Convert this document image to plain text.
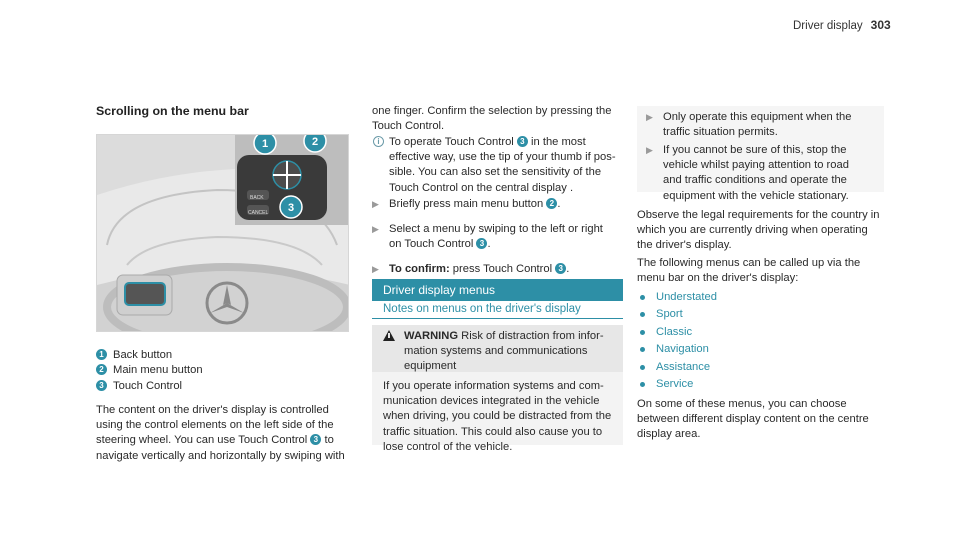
Driver display 303
Scrolling on the menu bar
1	2
3
BACK
CANCEL
1 Back button
2 Main menu button
3 Touch Control
The content on the driver's display is controlled
using the control elements on the left side of the
steering wheel. You can use Touch Control 3 to
navigate vertically and horizontally by swiping with
one finger. Confirm the selection by pressing the
Touch Control.
i To operate Touch Control 3 in the most
effective way, use the tip of your thumb if pos-
sible. You can also set the sensitivity of the
Touch Control on the central display .
▶ Briefly press main menu button 2 .
▶ Select a menu by swiping to the left or right
on Touch Control 3 .
▶ To confirm: press Touch Control 3 .
Driver display menus
Notes on menus on the driver's display
WARNING Risk of distraction from infor-
mation systems and communications
equipment
If you operate information systems and com-
munication devices integrated in the vehicle
when driving, you could be distracted from the
traffic situation. This could also cause you to
lose control of the vehicle.
▶ Only operate this equipment when the
traffic situation permits.
▶ If you cannot be sure of this, stop the
vehicle whilst paying attention to road
and traffic conditions and operate the
equipment with the vehicle stationary.
Observe the legal requirements for the country in
which you are currently driving when operating
the driver's display.
The following menus can be called up via the
menu bar on the driver's display:
Understated
Sport
Classic
Navigation
Assistance
Service
On some of these menus, you can choose
between different display content on the centre
display area.
